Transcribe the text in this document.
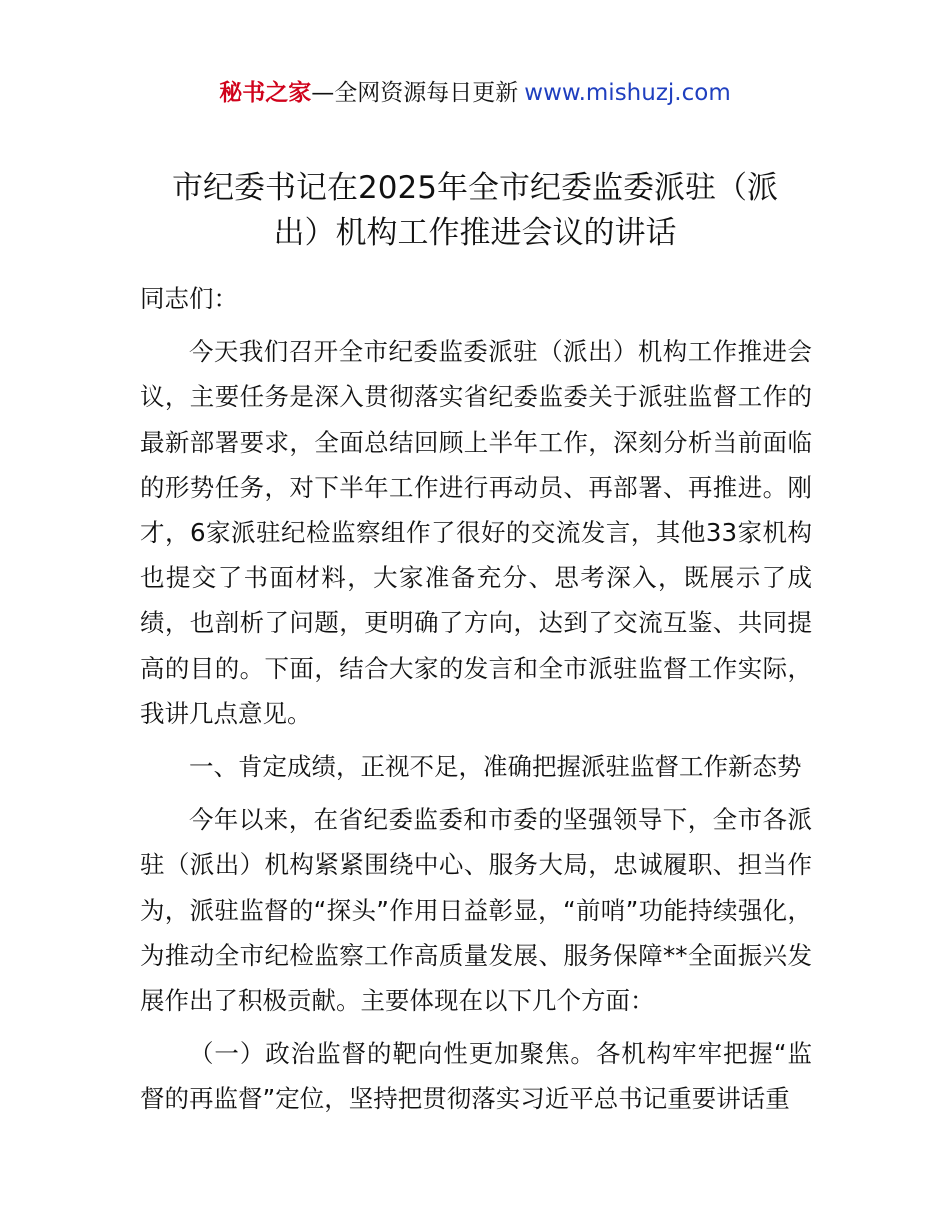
秘书之家—全网资源每日更新 www.mishuzj.com
市纪委书记在2025年全市纪委监委派驻（派
出）机构工作推进会议的讲话

同志们：

今天我们召开全市纪委监委派驻（派出）机构工作推进会议，主要任务是深入贯彻落实省纪委监委关于派驻监督工作的最新部署要求，全面总结回顾上半年工作，深刻分析当前面临的形势任务，对下半年工作进行再动员、再部署、再推进。刚才，6家派驻纪检监察组作了很好的交流发言，其他33家机构也提交了书面材料，大家准备充分、思考深入，既展示了成绩，也剖析了问题，更明确了方向，达到了交流互鉴、共同提高的目的。下面，结合大家的发言和全市派驻监督工作实际，我讲几点意见。

一、肯定成绩，正视不足，准确把握派驻监督工作新态势

今年以来，在省纪委监委和市委的坚强领导下，全市各派驻（派出）机构紧紧围绕中心、服务大局，忠诚履职、担当作为，派驻监督的“探头”作用日益彰显，“前哨”功能持续强化，为推动全市纪检监察工作高质量发展、服务保障**全面振兴发展作出了积极贡献。主要体现在以下几个方面：

（一）政治监督的靶向性更加聚焦。各机构牢牢把握“监督的再监督”定位，坚持把贯彻落实习近平总书记重要讲话重
